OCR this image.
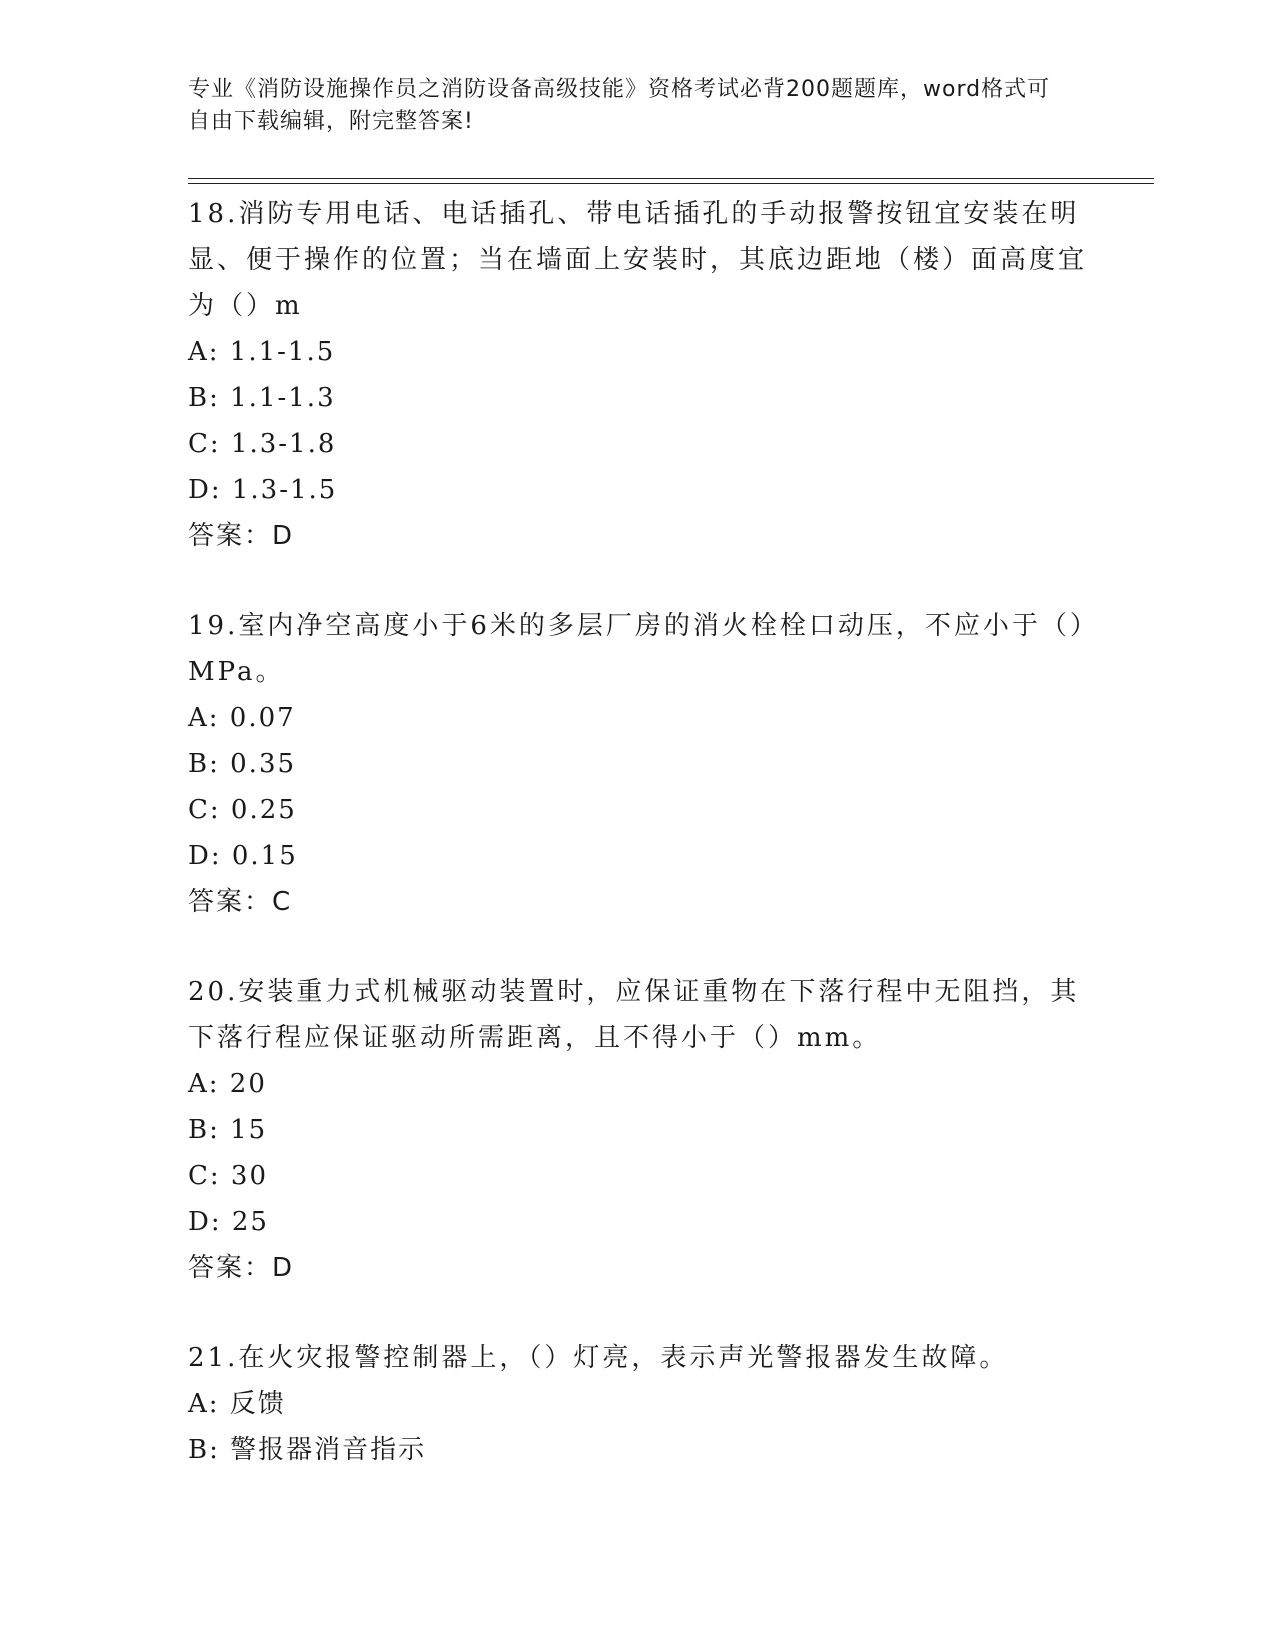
专业《消防设施操作员之消防设备高级技能》资格考试必背200题题库，word格式可自由下载编辑，附完整答案!
18.消防专用电话、电话插孔、带电话插孔的手动报警按钮宜安装在明显、便于操作的位置；当在墙面上安装时，其底边距地（楼）面高度宜为（）m
A: 1.1-1.5
B: 1.1-1.3
C: 1.3-1.8
D: 1.3-1.5
答案：D
19.室内净空高度小于6米的多层厂房的消火栓栓口动压，不应小于（）MPa。
A: 0.07
B: 0.35
C: 0.25
D: 0.15
答案：C
20.安装重力式机械驱动装置时，应保证重物在下落行程中无阻挡，其下落行程应保证驱动所需距离，且不得小于（）mm。
A: 20
B: 15
C: 30
D: 25
答案：D
21.在火灾报警控制器上，（）灯亮，表示声光警报器发生故障。
A: 反馈
B: 警报器消音指示
